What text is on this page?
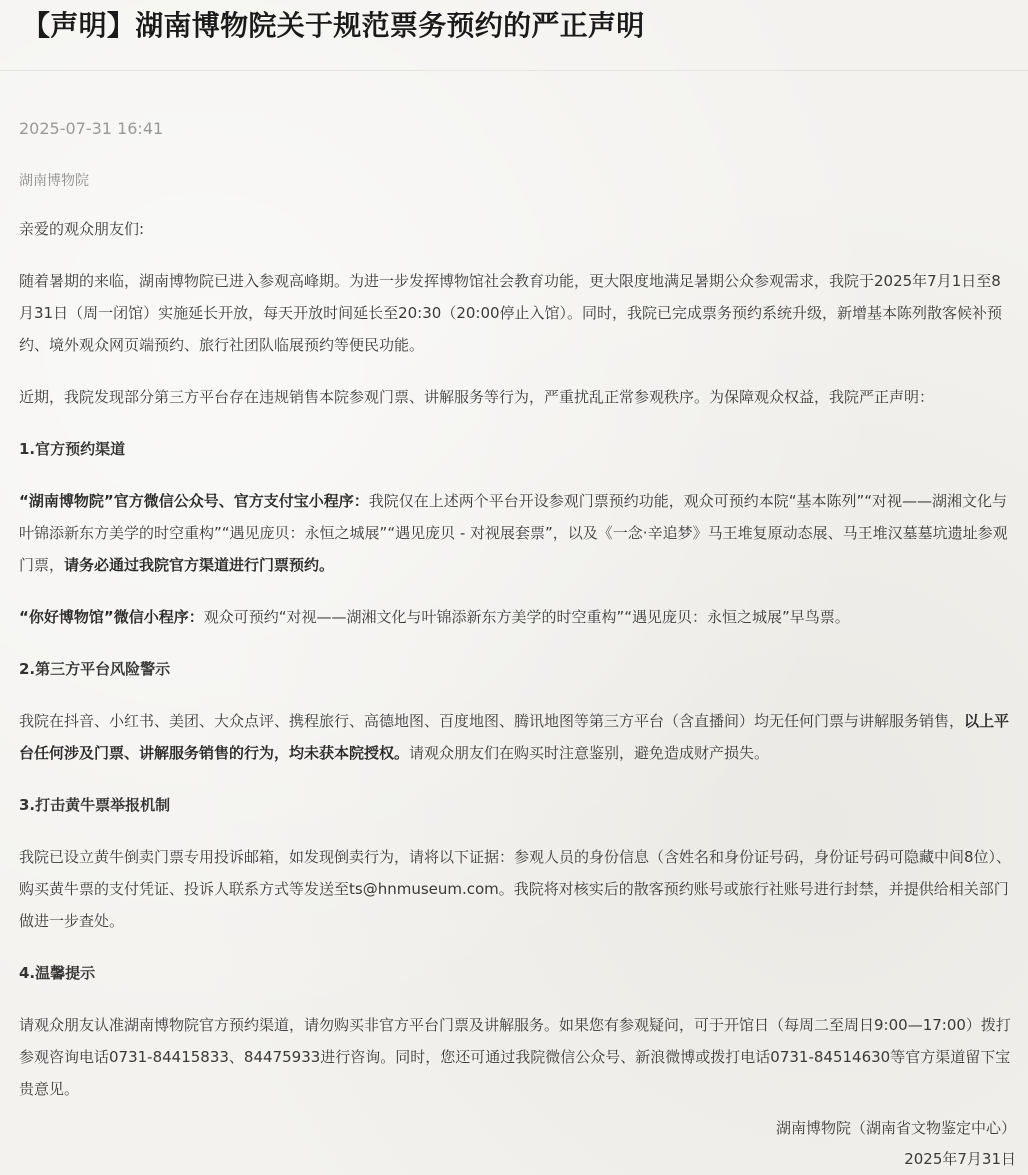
【声明】湖南博物院关于规范票务预约的严正声明
2025-07-31 16:41
湖南博物院

亲爱的观众朋友们:

随着暑期的来临，湖南博物院已进入参观高峰期。为进一步发挥博物馆社会教育功能，更大限度地满足暑期公众参观需求，我院于2025年7月1日至8月31日（周一闭馆）实施延长开放，每天开放时间延长至20:30（20:00停止入馆）。同时，我院已完成票务预约系统升级，新增基本陈列散客候补预约、境外观众网页端预约、旅行社团队临展预约等便民功能。

近期，我院发现部分第三方平台存在违规销售本院参观门票、讲解服务等行为，严重扰乱正常参观秩序。为保障观众权益，我院严正声明：

1.官方预约渠道

“湖南博物院”官方微信公众号、官方支付宝小程序：我院仅在上述两个平台开设参观门票预约功能，观众可预约本院“基本陈列”“对视——湖湘文化与叶锦添新东方美学的时空重构”“遇见庞贝：永恒之城展”“遇见庞贝 - 对视展套票”，以及《一念·辛追梦》马王堆复原动态展、马王堆汉墓墓坑遗址参观门票，请务必通过我院官方渠道进行门票预约。

“你好博物馆”微信小程序：观众可预约“对视——湖湘文化与叶锦添新东方美学的时空重构”“遇见庞贝：永恒之城展”早鸟票。

2.第三方平台风险警示

我院在抖音、小红书、美团、大众点评、携程旅行、高德地图、百度地图、腾讯地图等第三方平台（含直播间）均无任何门票与讲解服务销售，以上平台任何涉及门票、讲解服务销售的行为，均未获本院授权。请观众朋友们在购买时注意鉴别，避免造成财产损失。

3.打击黄牛票举报机制

我院已设立黄牛倒卖门票专用投诉邮箱，如发现倒卖行为，请将以下证据：参观人员的身份信息（含姓名和身份证号码，身份证号码可隐藏中间8位）、购买黄牛票的支付凭证、投诉人联系方式等发送至ts@hnmuseum.com。我院将对核实后的散客预约账号或旅行社账号进行封禁，并提供给相关部门做进一步查处。

4.温馨提示

请观众朋友认准湖南博物院官方预约渠道，请勿购买非官方平台门票及讲解服务。如果您有参观疑问，可于开馆日（每周二至周日9:00—17:00）拨打参观咨询电话0731-84415833、84475933进行咨询。同时，您还可通过我院微信公众号、新浪微博或拨打电话0731-84514630等官方渠道留下宝贵意见。

湖南博物院（湖南省文物鉴定中心）
2025年7月31日
